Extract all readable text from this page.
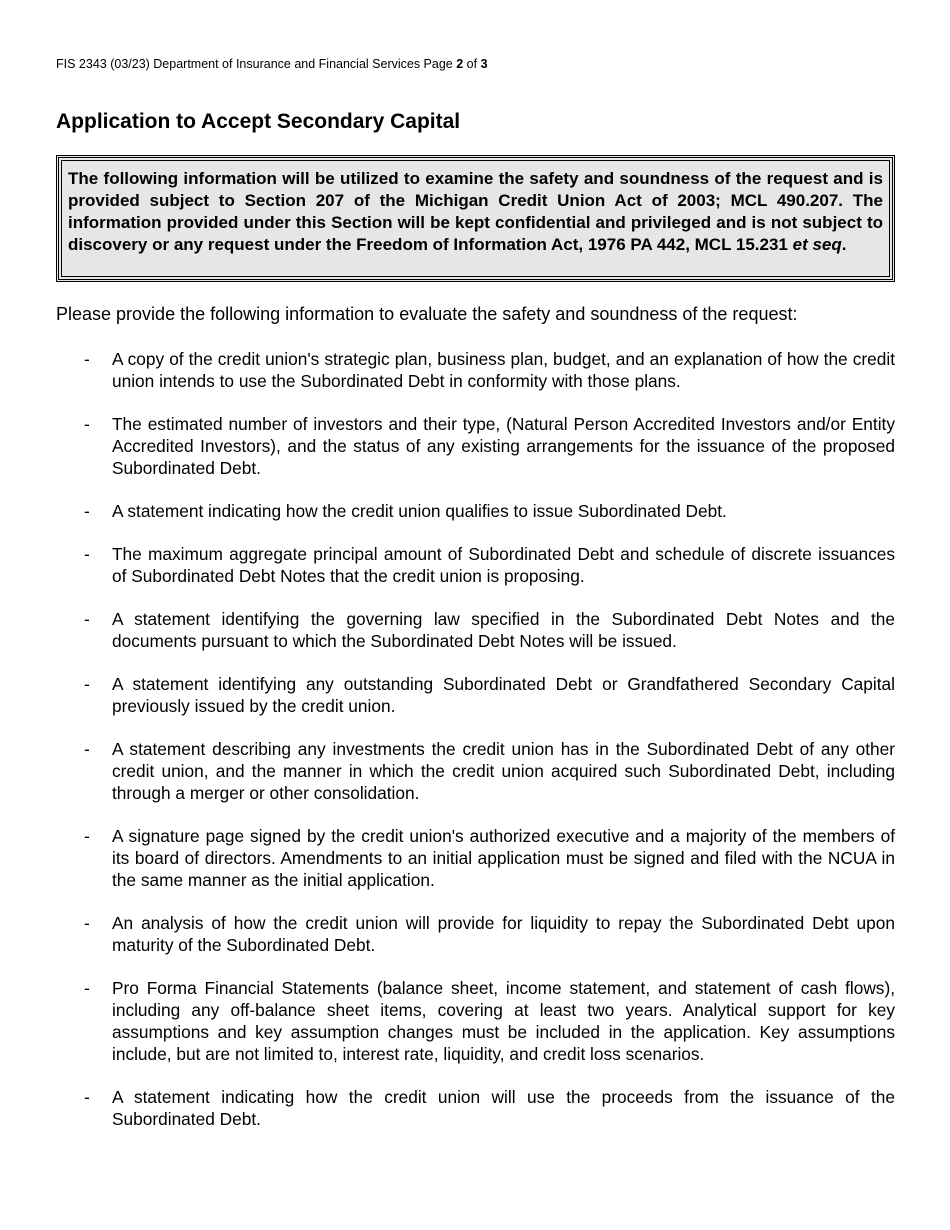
FIS 2343 (03/23) Department of Insurance and Financial Services Page 2 of 3
Application to Accept Secondary Capital
The following information will be utilized to examine the safety and soundness of the request and is provided subject to Section 207 of the Michigan Credit Union Act of 2003; MCL 490.207. The information provided under this Section will be kept confidential and privileged and is not subject to discovery or any request under the Freedom of Information Act, 1976 PA 442, MCL 15.231 et seq.
Please provide the following information to evaluate the safety and soundness of the request:
- A copy of the credit union's strategic plan, business plan, budget, and an explanation of how the credit union intends to use the Subordinated Debt in conformity with those plans.
- The estimated number of investors and their type, (Natural Person Accredited Investors and/or Entity Accredited Investors), and the status of any existing arrangements for the issuance of the proposed Subordinated Debt.
- A statement indicating how the credit union qualifies to issue Subordinated Debt.
- The maximum aggregate principal amount of Subordinated Debt and schedule of discrete issuances of Subordinated Debt Notes that the credit union is proposing.
- A statement identifying the governing law specified in the Subordinated Debt Notes and the documents pursuant to which the Subordinated Debt Notes will be issued.
- A statement identifying any outstanding Subordinated Debt or Grandfathered Secondary Capital previously issued by the credit union.
- A statement describing any investments the credit union has in the Subordinated Debt of any other credit union, and the manner in which the credit union acquired such Subordinated Debt, including through a merger or other consolidation.
- A signature page signed by the credit union's authorized executive and a majority of the members of its board of directors. Amendments to an initial application must be signed and filed with the NCUA in the same manner as the initial application.
- An analysis of how the credit union will provide for liquidity to repay the Subordinated Debt upon maturity of the Subordinated Debt.
- Pro Forma Financial Statements (balance sheet, income statement, and statement of cash flows), including any off-balance sheet items, covering at least two years. Analytical support for key assumptions and key assumption changes must be included in the application. Key assumptions include, but are not limited to, interest rate, liquidity, and credit loss scenarios.
- A statement indicating how the credit union will use the proceeds from the issuance of the Subordinated Debt.
